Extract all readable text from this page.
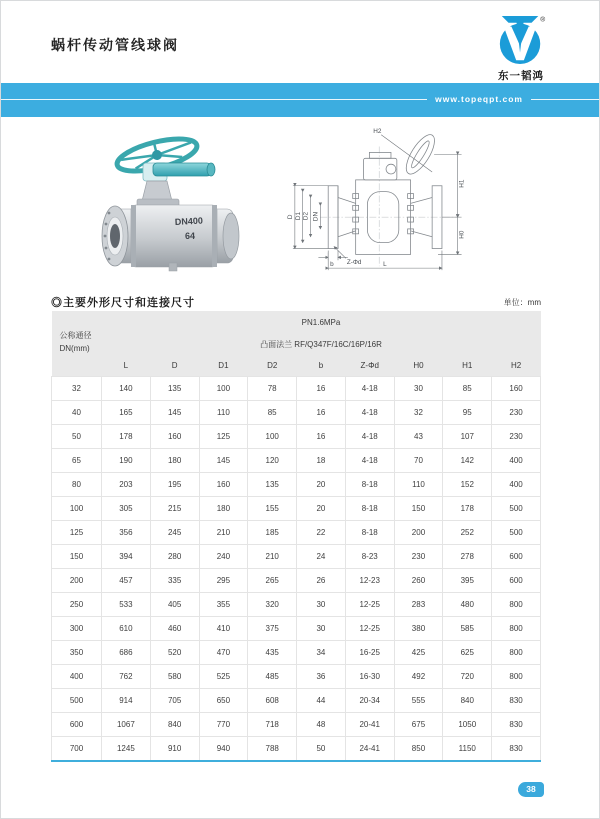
蜗杆传动管线球阀
®
东一韬鸿
www.topeqpt.com
DN400
64
H2
D D1 D2 DN
H1
H0
b Z-Φd	L
◎主要外形尺寸和连接尺寸	单位：mm
公称通径
DN(mm)	PN1.6MPa								
	凸面法兰 RF/Q347F/16C/16P/16R								
	L	D	D1	D2	b	Z-Φd	H0	H1	H2
32	140	135	100	78	16	4-18	30	85	160
40	165	145	110	85	16	4-18	32	95	230
50	178	160	125	100	16	4-18	43	107	230
65	190	180	145	120	18	4-18	70	142	400
80	203	195	160	135	20	8-18	110	152	400
100	305	215	180	155	20	8-18	150	178	500
125	356	245	210	185	22	8-18	200	252	500
150	394	280	240	210	24	8-23	230	278	600
200	457	335	295	265	26	12-23	260	395	600
250	533	405	355	320	30	12-25	283	480	800
300	610	460	410	375	30	12-25	380	585	800
350	686	520	470	435	34	16-25	425	625	800
400	762	580	525	485	36	16-30	492	720	800
500	914	705	650	608	44	20-34	555	840	830
600	1067	840	770	718	48	20-41	675	1050	830
700	1245	910	940	788	50	24-41	850	1150	830
38
